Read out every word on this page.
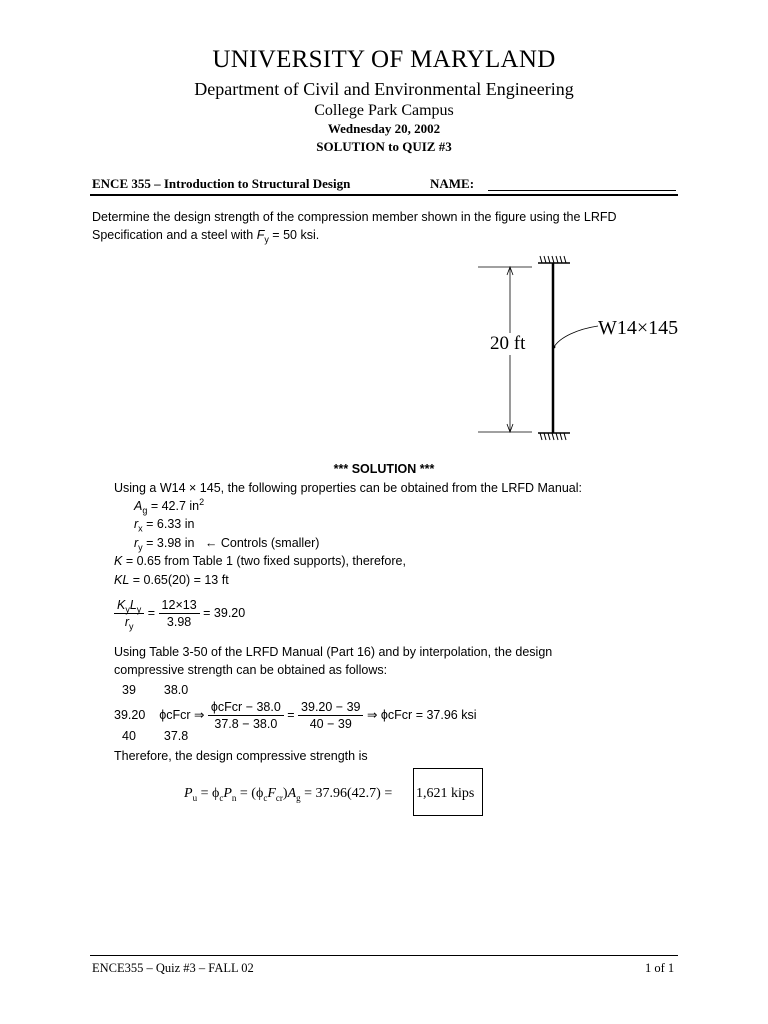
UNIVERSITY OF MARYLAND
Department of Civil and Environmental Engineering
College Park Campus
Wednesday 20, 2002
SOLUTION to QUIZ #3
ENCE 355 – Introduction to Structural Design	NAME:
Determine the design strength of the compression member shown in the figure using the LRFD
Specification and a steel with $F_y = 50$ ksi.
20 ft
W14×145
*** SOLUTION ***
Using a W14 × 145, the following properties can be obtained from the LRFD Manual:
$A_g = 42.7$ $in^2$
$r_x = 6.33$ in
$r_y = 3.98$ in ← Controls (smaller)
K = 0.65 from Table 1 (two fixed supports), therefore,
KL = 0.65(20) = 13 ft
$\frac{K_yL_y}{r_y} = \frac{12\times 13}{3.98} = 39.20$
Using Table 3-50 of the LRFD Manual (Part 16) and by interpolation, the design
compressive strength can be obtained as follows:
39 38.0
39.20 ϕcFcr ⇒ $\frac{\text{ϕcFcr − 38.0}}{37.8 - 38.0} = \frac{39.20 - 39}{40 - 39}$ ⇒ ϕcFcr = 37.96 ksi
40 37.8
Therefore, the design compressive strength is
$P_u = \phi_cP_n = (\phi_cF_{cr})A_g = 37.96(42.7) = 1,621$ kips
ENCE355 – Quiz #3 – FALL 02	1 of 1
